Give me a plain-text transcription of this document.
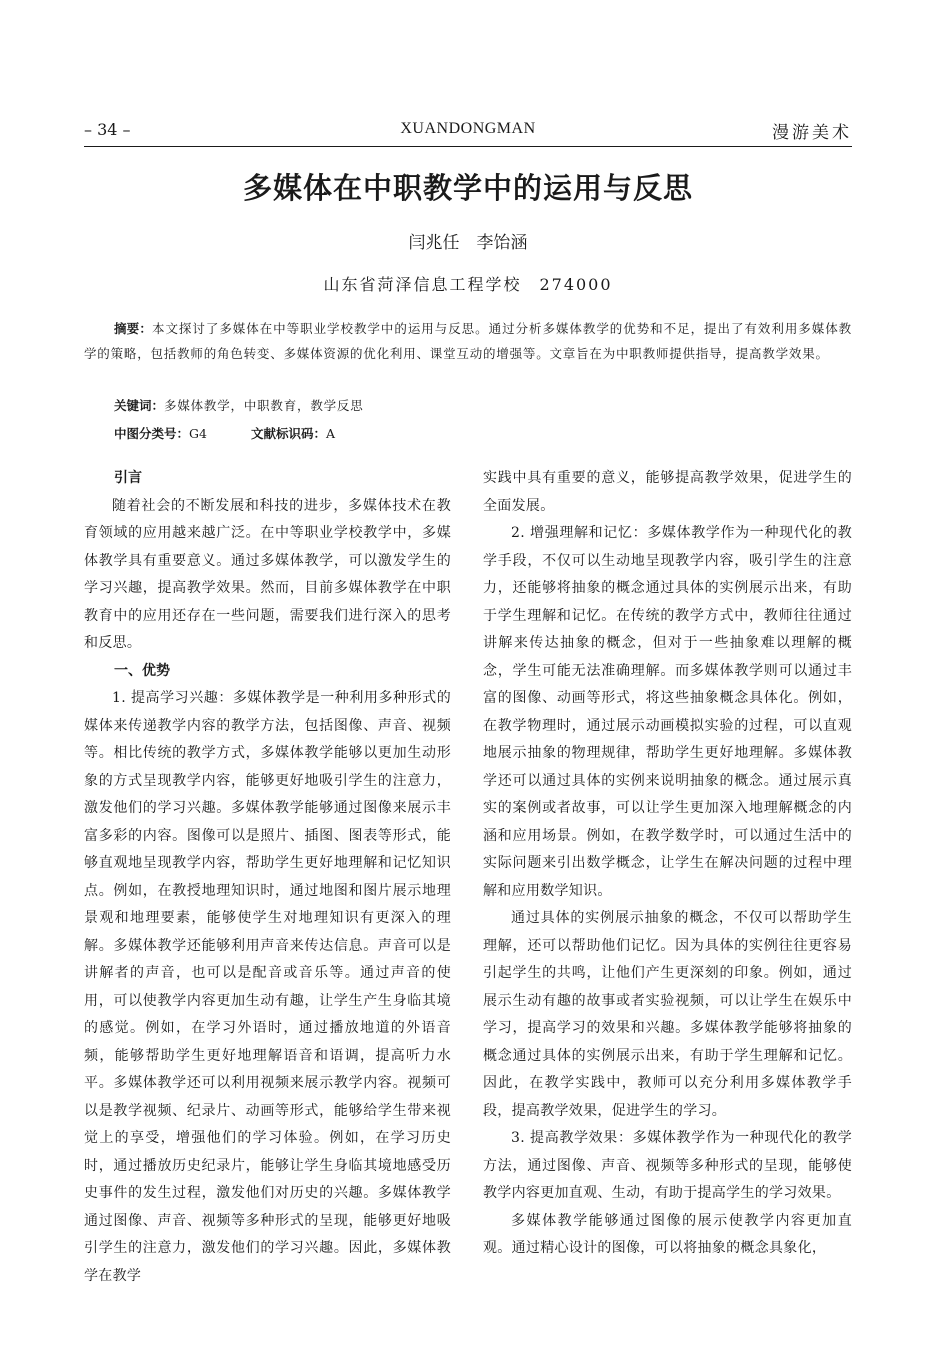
– 34 –	XUANDONGMAN	漫游美术
多媒体在中职教学中的运用与反思
闫兆任　李饴涵
山东省菏泽信息工程学校　274000
摘要：本文探讨了多媒体在中等职业学校教学中的运用与反思。通过分析多媒体教学的优势和不足，提出了有效利用多媒体教学的策略，包括教师的角色转变、多媒体资源的优化利用、课堂互动的增强等。文章旨在为中职教师提供指导，提高教学效果。
关键词：多媒体教学，中职教育，教学反思
中图分类号：G4	文献标识码：A
引言

随着社会的不断发展和科技的进步，多媒体技术在教育领域的应用越来越广泛。在中等职业学校教学中，多媒体教学具有重要意义。通过多媒体教学，可以激发学生的学习兴趣，提高教学效果。然而，目前多媒体教学在中职教育中的应用还存在一些问题，需要我们进行深入的思考和反思。

一、优势

1. 提高学习兴趣：多媒体教学是一种利用多种形式的媒体来传递教学内容的教学方法，包括图像、声音、视频等。相比传统的教学方式，多媒体教学能够以更加生动形象的方式呈现教学内容，能够更好地吸引学生的注意力，激发他们的学习兴趣。多媒体教学能够通过图像来展示丰富多彩的内容。图像可以是照片、插图、图表等形式，能够直观地呈现教学内容，帮助学生更好地理解和记忆知识点。例如，在教授地理知识时，通过地图和图片展示地理景观和地理要素，能够使学生对地理知识有更深入的理解。多媒体教学还能够利用声音来传达信息。声音可以是讲解者的声音，也可以是配音或音乐等。通过声音的使用，可以使教学内容更加生动有趣，让学生产生身临其境的感觉。例如，在学习外语时，通过播放地道的外语音频，能够帮助学生更好地理解语音和语调，提高听力水平。多媒体教学还可以利用视频来展示教学内容。视频可以是教学视频、纪录片、动画等形式，能够给学生带来视觉上的享受，增强他们的学习体验。例如，在学习历史时，通过播放历史纪录片，能够让学生身临其境地感受历史事件的发生过程，激发他们对历史的兴趣。多媒体教学通过图像、声音、视频等多种形式的呈现，能够更好地吸引学生的注意力，激发他们的学习兴趣。因此，多媒体教学在教学

实践中具有重要的意义，能够提高教学效果，促进学生的全面发展。

2. 增强理解和记忆：多媒体教学作为一种现代化的教学手段，不仅可以生动地呈现教学内容，吸引学生的注意力，还能够将抽象的概念通过具体的实例展示出来，有助于学生理解和记忆。在传统的教学方式中，教师往往通过讲解来传达抽象的概念，但对于一些抽象难以理解的概念，学生可能无法准确理解。而多媒体教学则可以通过丰富的图像、动画等形式，将这些抽象概念具体化。例如，在教学物理时，通过展示动画模拟实验的过程，可以直观地展示抽象的物理规律，帮助学生更好地理解。多媒体教学还可以通过具体的实例来说明抽象的概念。通过展示真实的案例或者故事，可以让学生更加深入地理解概念的内涵和应用场景。例如，在教学数学时，可以通过生活中的实际问题来引出数学概念，让学生在解决问题的过程中理解和应用数学知识。

通过具体的实例展示抽象的概念，不仅可以帮助学生理解，还可以帮助他们记忆。因为具体的实例往往更容易引起学生的共鸣，让他们产生更深刻的印象。例如，通过展示生动有趣的故事或者实验视频，可以让学生在娱乐中学习，提高学习的效果和兴趣。多媒体教学能够将抽象的概念通过具体的实例展示出来，有助于学生理解和记忆。因此，在教学实践中，教师可以充分利用多媒体教学手段，提高教学效果，促进学生的学习。

3. 提高教学效果：多媒体教学作为一种现代化的教学方法，通过图像、声音、视频等多种形式的呈现，能够使教学内容更加直观、生动，有助于提高学生的学习效果。

多媒体教学能够通过图像的展示使教学内容更加直观。通过精心设计的图像，可以将抽象的概念具象化，
